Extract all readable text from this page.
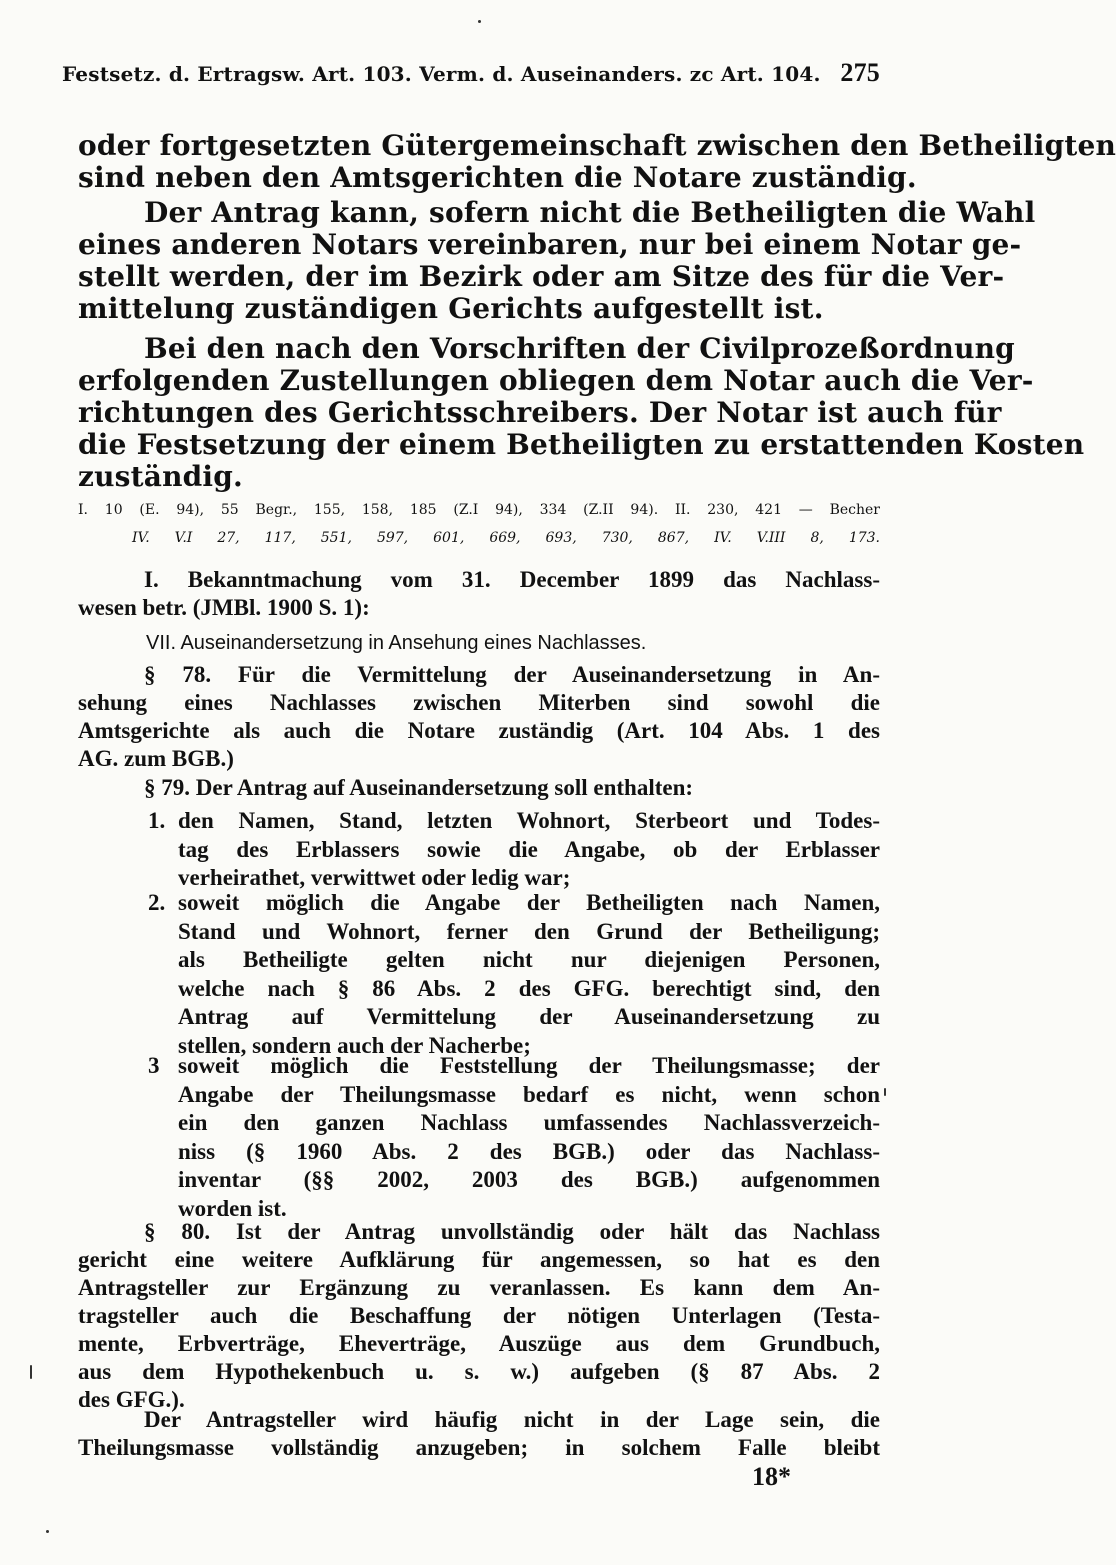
Festsetz. d. Ertragsw. Art. 103. Verm. d. Auseinanders. zc Art. 104. 275
oder fortgesetzten Gütergemeinschaft zwischen den Betheiligten
sind neben den Amtsgerichten die Notare zuständig.
Der Antrag kann, sofern nicht die Betheiligten die Wahl
eines anderen Notars vereinbaren, nur bei einem Notar ge-
stellt werden, der im Bezirk oder am Sitze des für die Ver-
mittelung zuständigen Gerichts aufgestellt ist.
Bei den nach den Vorschriften der Civilprozeßordnung
erfolgenden Zustellungen obliegen dem Notar auch die Ver-
richtungen des Gerichtsschreibers. Der Notar ist auch für
die Festsetzung der einem Betheiligten zu erstattenden Kosten
zuständig.
I. 10 (E. 94), 55 Begr., 155, 158, 185 (Z.I 94), 334 (Z.II 94). II. 230, 421 — Becher
IV. V.I 27, 117, 551, 597, 601, 669, 693, 730, 867, IV. V.III 8, 173.
I. Bekanntmachung vom 31. December 1899 das Nachlass-
wesen betr. (JMBl. 1900 S. 1):
VII. Auseinandersetzung in Ansehung eines Nachlasses.
§ 78. Für die Vermittelung der Auseinandersetzung in An-
sehung eines Nachlasses zwischen Miterben sind sowohl die
Amtsgerichte als auch die Notare zuständig (Art. 104 Abs. 1 des
AG. zum BGB.)
§ 79. Der Antrag auf Auseinandersetzung soll enthalten:
1. den Namen, Stand, letzten Wohnort, Sterbeort und Todes-
tag des Erblassers sowie die Angabe, ob der Erblasser
verheirathet, verwittwet oder ledig war;
2. soweit möglich die Angabe der Betheiligten nach Namen,
Stand und Wohnort, ferner den Grund der Betheiligung;
als Betheiligte gelten nicht nur diejenigen Personen,
welche nach § 86 Abs. 2 des GFG. berechtigt sind, den
Antrag auf Vermittelung der Auseinandersetzung zu
stellen, sondern auch der Nacherbe;
3 soweit möglich die Feststellung der Theilungsmasse; der
Angabe der Theilungsmasse bedarf es nicht, wenn schon
ein den ganzen Nachlass umfassendes Nachlassverzeich-
niss (§ 1960 Abs. 2 des BGB.) oder das Nachlass-
inventar (§§ 2002, 2003 des BGB.) aufgenommen
worden ist.
§ 80. Ist der Antrag unvollständig oder hält das Nachlass
gericht eine weitere Aufklärung für angemessen, so hat es den
Antragsteller zur Ergänzung zu veranlassen. Es kann dem An-
tragsteller auch die Beschaffung der nötigen Unterlagen (Testa-
mente, Erbverträge, Eheverträge, Auszüge aus dem Grundbuch,
aus dem Hypothekenbuch u. s. w.) aufgeben (§ 87 Abs. 2
des GFG.).
Der Antragsteller wird häufig nicht in der Lage sein, die
Theilungsmasse vollständig anzugeben; in solchem Falle bleibt
18*
